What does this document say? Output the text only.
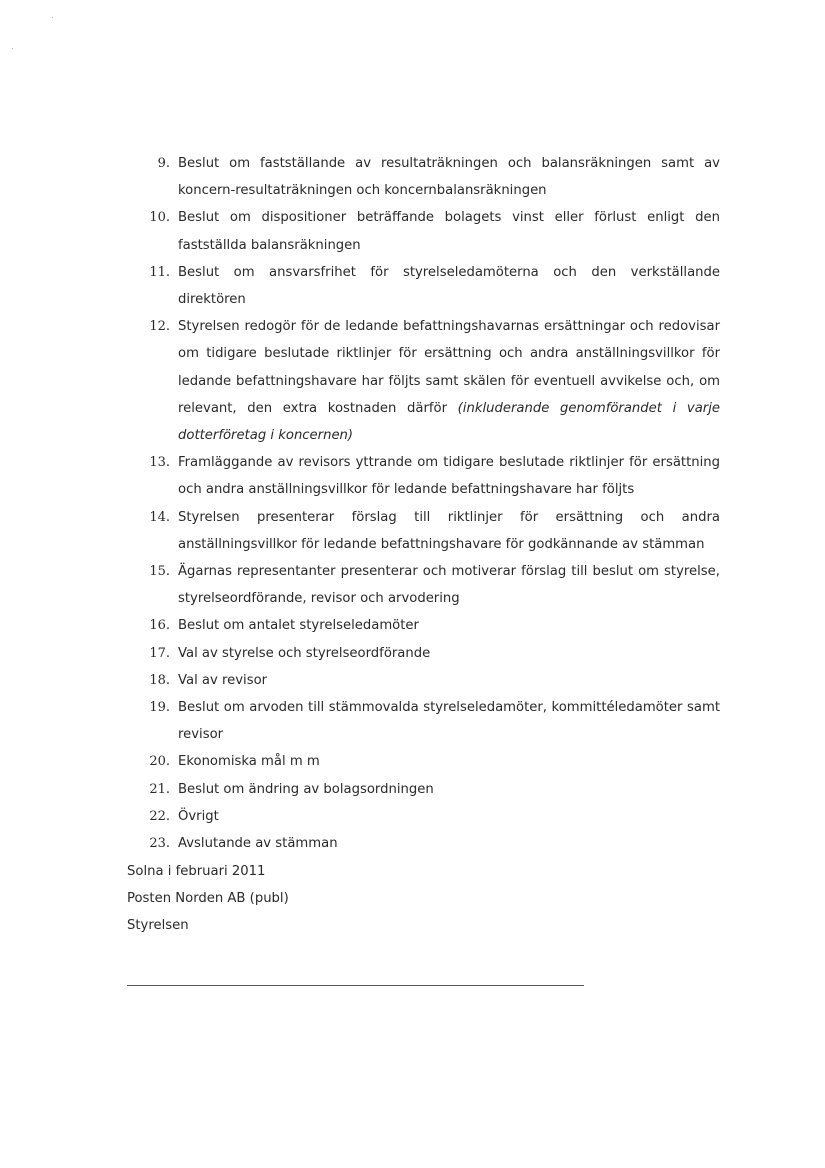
9. Beslut om fastställande av resultaträkningen och balansräkningen samt av koncern-resultaträkningen och koncernbalansräkningen
10. Beslut om dispositioner beträffande bolagets vinst eller förlust enligt den fastställda balansräkningen
11. Beslut om ansvarsfrihet för styrelseledamöterna och den verkställande direktören
12. Styrelsen redogör för de ledande befattningshavarnas ersättningar och redovisar om tidigare beslutade riktlinjer för ersättning och andra anställningsvillkor för ledande befattningshavare har följts samt skälen för eventuell avvikelse och, om relevant, den extra kostnaden därför (inkluderande genomförandet i varje dotterföretag i koncernen)
13. Framläggande av revisors yttrande om tidigare beslutade riktlinjer för ersättning och andra anställningsvillkor för ledande befattningshavare har följts
14. Styrelsen presenterar förslag till riktlinjer för ersättning och andra anställningsvillkor för ledande befattningshavare för godkännande av stämman
15. Ägarnas representanter presenterar och motiverar förslag till beslut om styrelse, styrelseordförande, revisor och arvodering
16. Beslut om antalet styrelseledamöter
17. Val av styrelse och styrelseordförande
18. Val av revisor
19. Beslut om arvoden till stämmovalda styrelseledamöter, kommittéledamöter samt revisor
20. Ekonomiska mål m m
21. Beslut om ändring av bolagsordningen
22. Övrigt
23. Avslutande av stämman
Solna i februari 2011
Posten Norden AB (publ)
Styrelsen
